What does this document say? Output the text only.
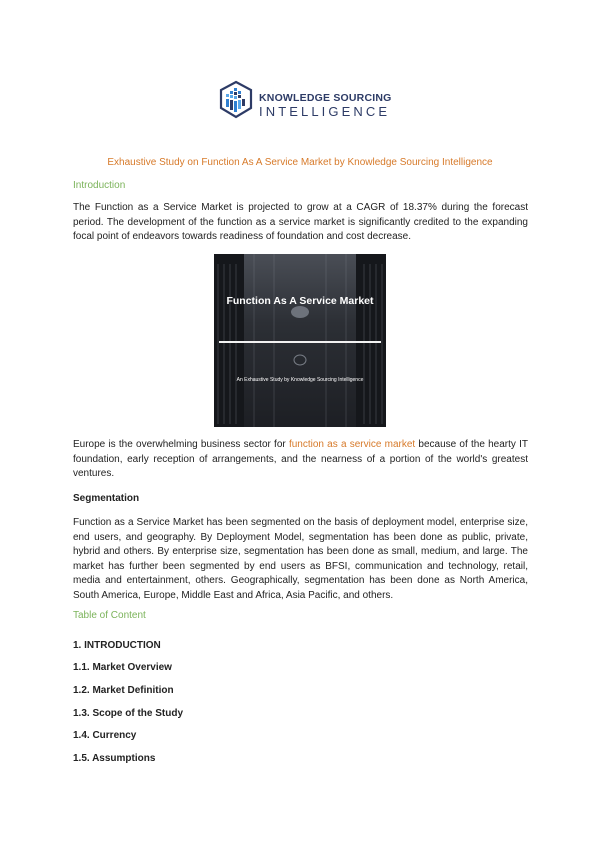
KNOWLEDGE SOURCING
INTELLIGENCE
Exhaustive Study on Function As A Service Market by Knowledge Sourcing Intelligence
Introduction

The Function as a Service Market is projected to grow at a CAGR of 18.37% during the forecast period. The development of the function as a service market is significantly credited to the expanding focal point of endeavors towards readiness of foundation and cost decrease.

Function As A Service Market
An Exhaustive Study by Knowledge Sourcing Intelligence

Europe is the overwhelming business sector for function as a service market because of the hearty IT foundation, early reception of arrangements, and the nearness of a portion of the world's greatest ventures.

Segmentation

Function as a Service Market has been segmented on the basis of deployment model, enterprise size, end users, and geography. By Deployment Model, segmentation has been done as public, private, hybrid and others. By enterprise size, segmentation has been done as small, medium, and large. The market has further been segmented by end users as BFSI, communication and technology, retail, media and entertainment, others. Geographically, segmentation has been done as North America, South America, Europe, Middle East and Africa, Asia Pacific, and others.

Table of Content
1. INTRODUCTION
1.1. Market Overview
1.2. Market Definition
1.3. Scope of the Study
1.4. Currency
1.5. Assumptions
